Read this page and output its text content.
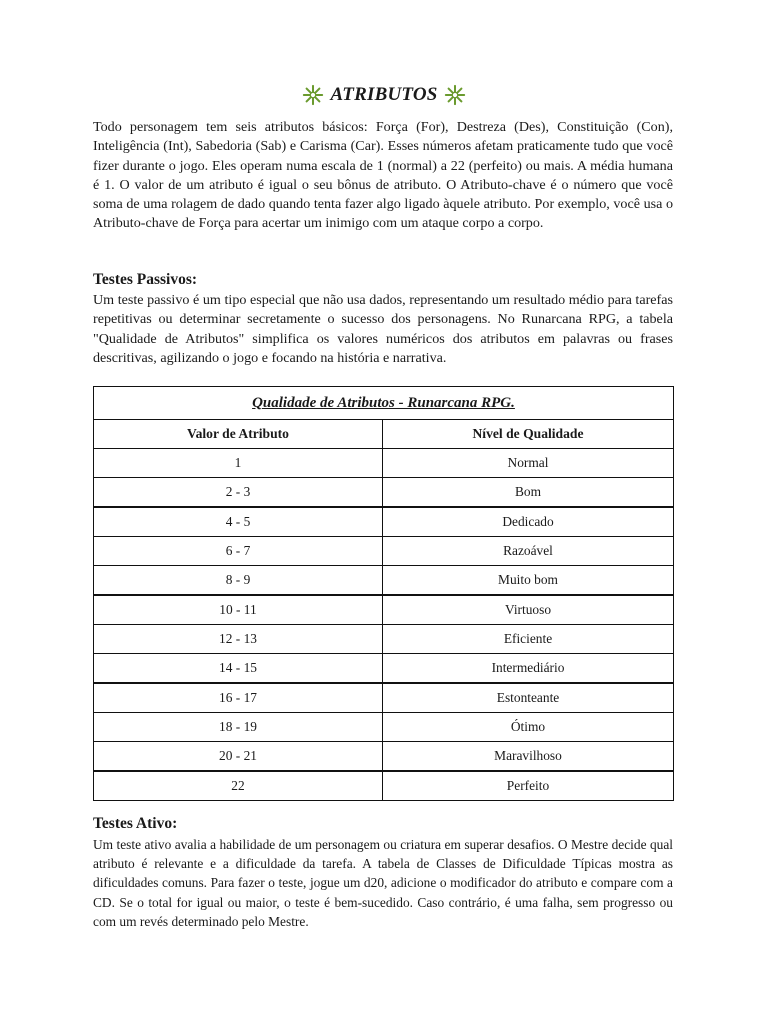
ATRIBUTOS

Todo personagem tem seis atributos básicos: Força (For), Destreza (Des), Constituição (Con), Inteligência (Int), Sabedoria (Sab) e Carisma (Car). Esses números afetam praticamente tudo que você fizer durante o jogo. Eles operam numa escala de 1 (normal) a 22 (perfeito) ou mais. A média humana é 1. O valor de um atributo é igual o seu bônus de atributo. O Atributo-chave é o número que você soma de uma rolagem de dado quando tenta fazer algo ligado àquele atributo. Por exemplo, você usa o Atributo-chave de Força para acertar um inimigo com um ataque corpo a corpo.

Testes Passivos:

Um teste passivo é um tipo especial que não usa dados, representando um resultado médio para tarefas repetitivas ou determinar secretamente o sucesso dos personagens. No Runarcana RPG, a tabela "Qualidade de Atributos" simplifica os valores numéricos dos atributos em palavras ou frases descritivas, agilizando o jogo e focando na história e narrativa.

Qualidade de Atributos - Runarcana RPG.	
Valor de Atributo	Nível de Qualidade
1	Normal
2 - 3	Bom
4 - 5	Dedicado
6 - 7	Razoável
8 - 9	Muito bom
10 - 11	Virtuoso
12 - 13	Eficiente
14 - 15	Intermediário
16 - 17	Estonteante
18 - 19	Ótimo
20 - 21	Maravilhoso
22	Perfeito
Testes Ativo:

Um teste ativo avalia a habilidade de um personagem ou criatura em superar desafios. O Mestre decide qual atributo é relevante e a dificuldade da tarefa. A tabela de Classes de Dificuldade Típicas mostra as dificuldades comuns. Para fazer o teste, jogue um d20, adicione o modificador do atributo e compare com a CD. Se o total for igual ou maior, o teste é bem-sucedido. Caso contrário, é uma falha, sem progresso ou com um revés determinado pelo Mestre.
